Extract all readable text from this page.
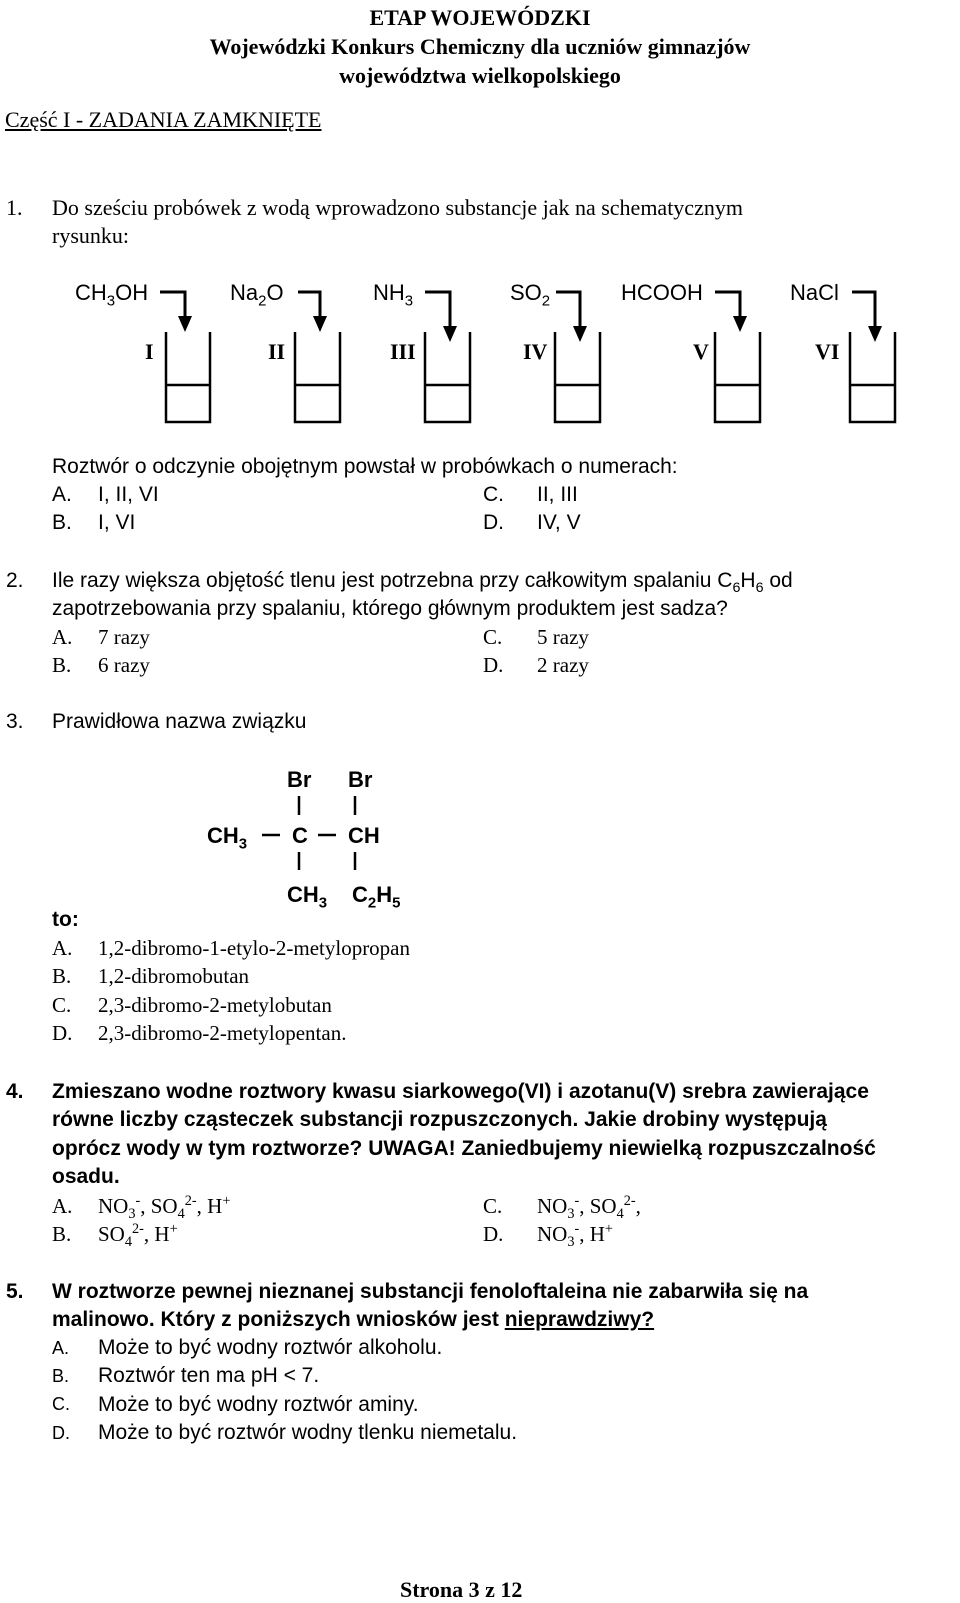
ETAP WOJEWÓDZKI
Wojewódzki Konkurs Chemiczny dla uczniów gimnazjów
województwa wielkopolskiego
Część I - ZADANIA ZAMKNIĘTE
1. Do sześciu probówek z wodą wprowadzono substancje jak na schematycznym
rysunku:
$CH_3OH$	$Na_2O$	$NH_3$	$SO_2$	HCOOH	NaCl
I	II	III	IV	V	VI
Roztwór o odczynie obojętnym powstał w probówkach o numerach:
A. I, II, VI
B. I, VI
C. II, III
D. IV, V
2. Ile razy większa objętość tlenu jest potrzebna przy całkowitym spalaniu $C_6H_6$ od
zapotrzebowania przy spalaniu, którego głównym produktem jest sadza?
A. 7 razy
B. 6 razy
C. 5 razy
D. 2 razy
3. Prawidłowa nazwa związku
Br Br
$CH_3$ C CH
$CH_3$ $C_2H_5$
to:
A. 1,2-dibromo-1-etylo-2-metylopropan
B. 1,2-dibromobutan
C. 2,3-dibromo-2-metylobutan
D. 2,3-dibromo-2-metylopentan.
4. Zmieszano wodne roztwory kwasu siarkowego(VI) i azotanu(V) srebra zawierające
równe liczby cząsteczek substancji rozpuszczonych. Jakie drobiny występują
oprócz wody w tym roztworze? UWAGA! Zaniedbujemy niewielką rozpuszczalność
osadu.
A. $NO_3^-$, $SO_4^{2-}$, H+
B. $SO_4^{2-}$, H+
C. $NO_3^-$, $SO_4^{2-}$,
D. $NO_3^-$, H+
5. W roztworze pewnej nieznanej substancji fenoloftaleina nie zabarwiła się na
malinowo. Który z poniższych wniosków jest nieprawdziwy?
A. Może to być wodny roztwór alkoholu.
B. Roztwór ten ma pH < 7.
C. Może to być wodny roztwór aminy.
D. Może to być roztwór wodny tlenku niemetalu.
Strona 3 z 12
